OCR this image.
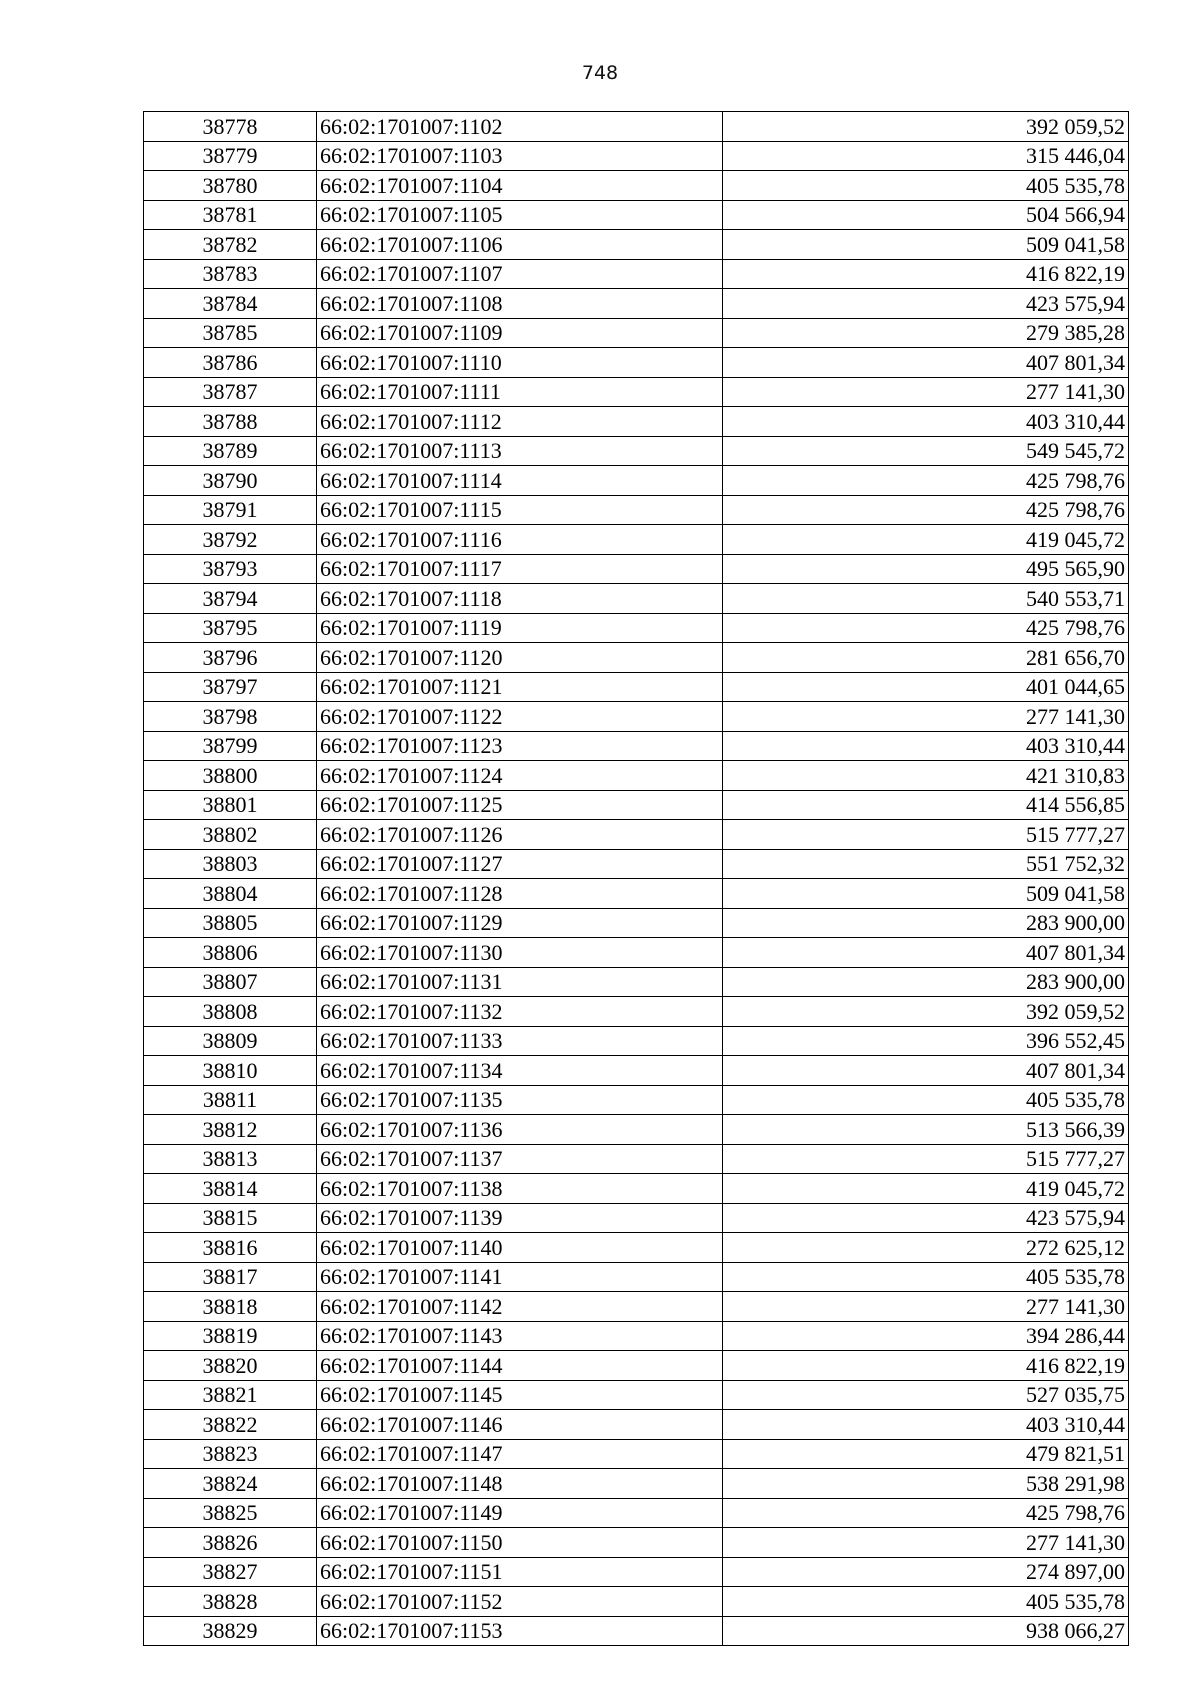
748
38778	66:02:1701007:1102	392 059,52
38779	66:02:1701007:1103	315 446,04
38780	66:02:1701007:1104	405 535,78
38781	66:02:1701007:1105	504 566,94
38782	66:02:1701007:1106	509 041,58
38783	66:02:1701007:1107	416 822,19
38784	66:02:1701007:1108	423 575,94
38785	66:02:1701007:1109	279 385,28
38786	66:02:1701007:1110	407 801,34
38787	66:02:1701007:1111	277 141,30
38788	66:02:1701007:1112	403 310,44
38789	66:02:1701007:1113	549 545,72
38790	66:02:1701007:1114	425 798,76
38791	66:02:1701007:1115	425 798,76
38792	66:02:1701007:1116	419 045,72
38793	66:02:1701007:1117	495 565,90
38794	66:02:1701007:1118	540 553,71
38795	66:02:1701007:1119	425 798,76
38796	66:02:1701007:1120	281 656,70
38797	66:02:1701007:1121	401 044,65
38798	66:02:1701007:1122	277 141,30
38799	66:02:1701007:1123	403 310,44
38800	66:02:1701007:1124	421 310,83
38801	66:02:1701007:1125	414 556,85
38802	66:02:1701007:1126	515 777,27
38803	66:02:1701007:1127	551 752,32
38804	66:02:1701007:1128	509 041,58
38805	66:02:1701007:1129	283 900,00
38806	66:02:1701007:1130	407 801,34
38807	66:02:1701007:1131	283 900,00
38808	66:02:1701007:1132	392 059,52
38809	66:02:1701007:1133	396 552,45
38810	66:02:1701007:1134	407 801,34
38811	66:02:1701007:1135	405 535,78
38812	66:02:1701007:1136	513 566,39
38813	66:02:1701007:1137	515 777,27
38814	66:02:1701007:1138	419 045,72
38815	66:02:1701007:1139	423 575,94
38816	66:02:1701007:1140	272 625,12
38817	66:02:1701007:1141	405 535,78
38818	66:02:1701007:1142	277 141,30
38819	66:02:1701007:1143	394 286,44
38820	66:02:1701007:1144	416 822,19
38821	66:02:1701007:1145	527 035,75
38822	66:02:1701007:1146	403 310,44
38823	66:02:1701007:1147	479 821,51
38824	66:02:1701007:1148	538 291,98
38825	66:02:1701007:1149	425 798,76
38826	66:02:1701007:1150	277 141,30
38827	66:02:1701007:1151	274 897,00
38828	66:02:1701007:1152	405 535,78
38829	66:02:1701007:1153	938 066,27
